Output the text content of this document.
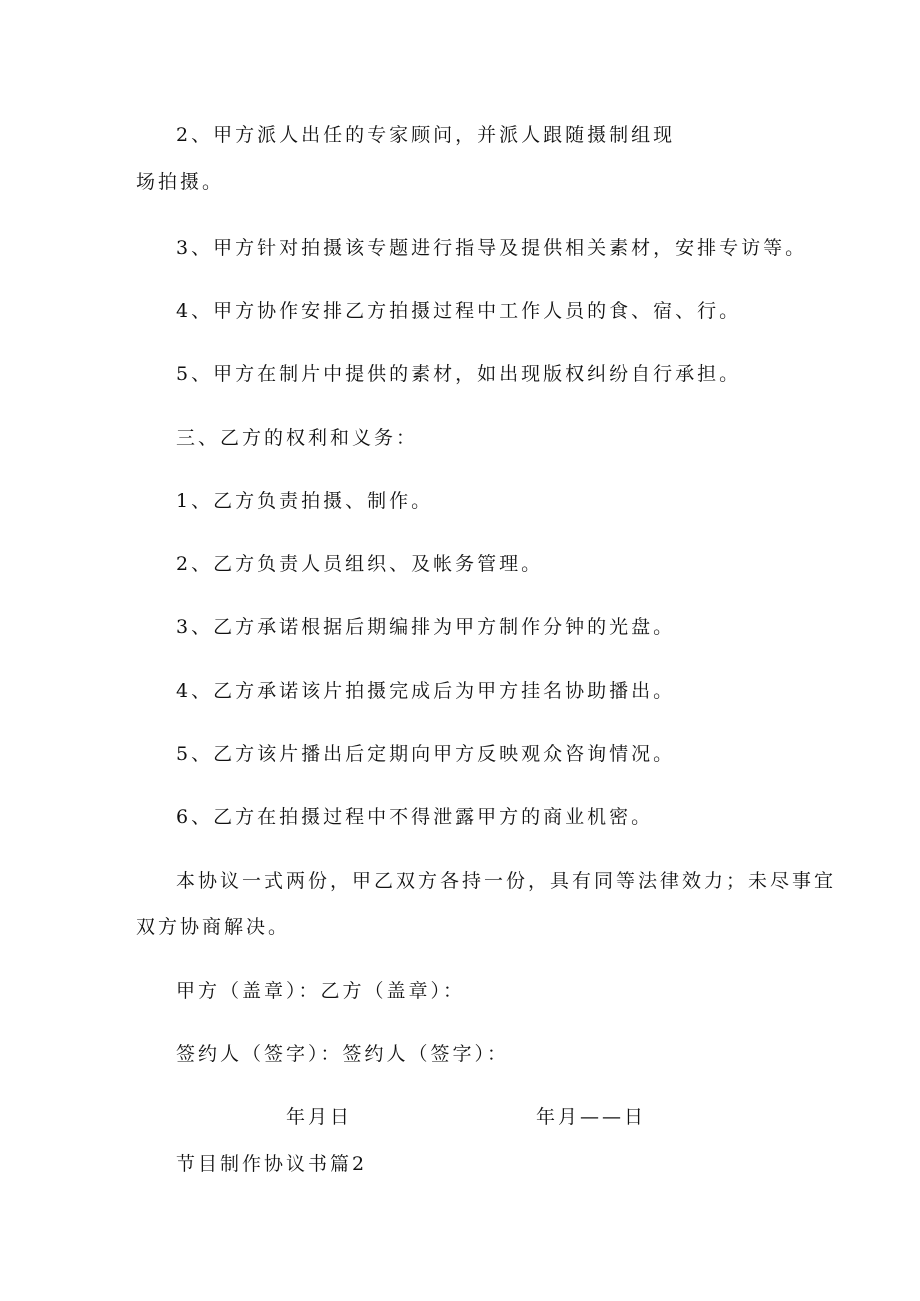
2、甲方派人出任的专家顾问，并派人跟随摄制组现
场拍摄。
3、甲方针对拍摄该专题进行指导及提供相关素材，安排专访等。
4、甲方协作安排乙方拍摄过程中工作人员的食、宿、行。
5、甲方在制片中提供的素材，如出现版权纠纷自行承担。
三、乙方的权利和义务：
1、乙方负责拍摄、制作。
2、乙方负责人员组织、及帐务管理。
3、乙方承诺根据后期编排为甲方制作分钟的光盘。
4、乙方承诺该片拍摄完成后为甲方挂名协助播出。
5、乙方该片播出后定期向甲方反映观众咨询情况。
6、乙方在拍摄过程中不得泄露甲方的商业机密。
本协议一式两份，甲乙双方各持一份，具有同等法律效力；未尽事宜
双方协商解决。
甲方（盖章）：乙方（盖章）：
签约人（签字）：签约人（签字）：
年月日	年月——日
节目制作协议书篇2
